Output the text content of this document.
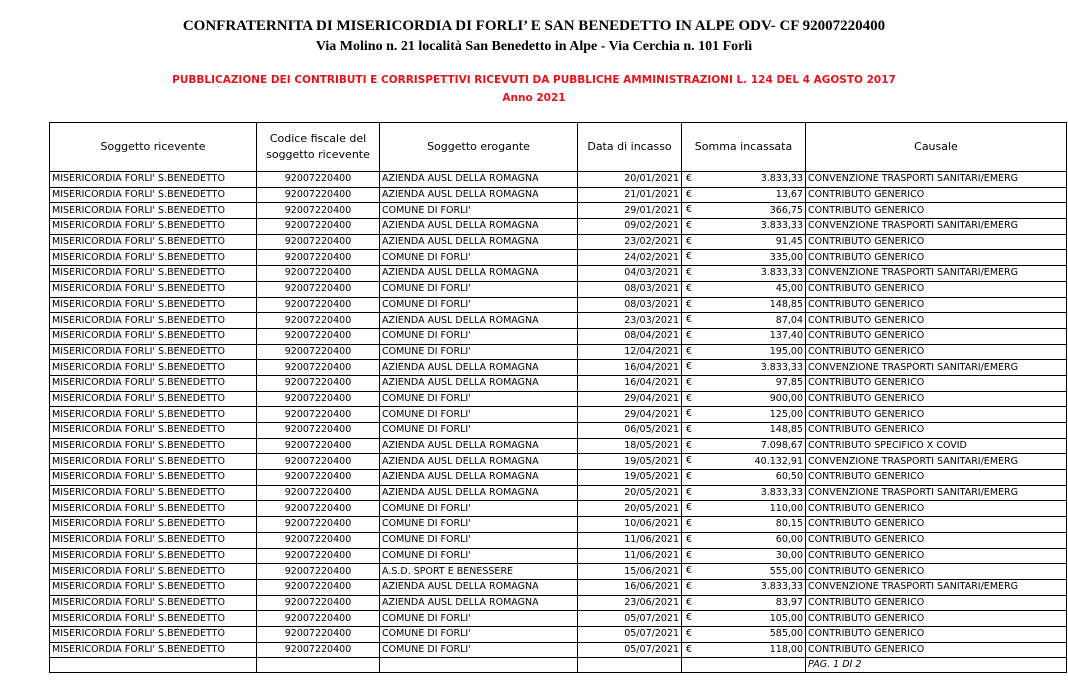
CONFRATERNITA DI MISERICORDIA DI FORLI’ E SAN BENEDETTO IN ALPE ODV- CF 92007220400
Via Molino n. 21 località San Benedetto in Alpe - Via Cerchia n. 101 Forlì
PUBBLICAZIONE DEI CONTRIBUTI E CORRISPETTIVI RICEVUTI DA PUBBLICHE AMMINISTRAZIONI L. 124 DEL 4 AGOSTO 2017
Anno 2021
Soggetto ricevente	Codice fiscale del soggetto ricevente	Soggetto erogante	Data di incasso	Somma incassata	Causale
MISERICORDIA FORLI' S.BENEDETTO	92007220400	AZIENDA AUSL DELLA ROMAGNA	20/01/2021	€ 3.833,33	CONVENZIONE TRASPORTI SANITARI/EMERG
MISERICORDIA FORLI' S.BENEDETTO	92007220400	AZIENDA AUSL DELLA ROMAGNA	21/01/2021	€ 13,67	CONTRIBUTO GENERICO
MISERICORDIA FORLI' S.BENEDETTO	92007220400	COMUNE DI FORLI'	29/01/2021	€ 366,75	CONTRIBUTO GENERICO
MISERICORDIA FORLI' S.BENEDETTO	92007220400	AZIENDA AUSL DELLA ROMAGNA	09/02/2021	€ 3.833,33	CONVENZIONE TRASPORTI SANITARI/EMERG
MISERICORDIA FORLI' S.BENEDETTO	92007220400	AZIENDA AUSL DELLA ROMAGNA	23/02/2021	€ 91,45	CONTRIBUTO GENERICO
MISERICORDIA FORLI' S.BENEDETTO	92007220400	COMUNE DI FORLI'	24/02/2021	€ 335,00	CONTRIBUTO GENERICO
MISERICORDIA FORLI' S.BENEDETTO	92007220400	AZIENDA AUSL DELLA ROMAGNA	04/03/2021	€ 3.833,33	CONVENZIONE TRASPORTI SANITARI/EMERG
MISERICORDIA FORLI' S.BENEDETTO	92007220400	COMUNE DI FORLI'	08/03/2021	€ 45,00	CONTRIBUTO GENERICO
MISERICORDIA FORLI' S.BENEDETTO	92007220400	COMUNE DI FORLI'	08/03/2021	€ 148,85	CONTRIBUTO GENERICO
MISERICORDIA FORLI' S.BENEDETTO	92007220400	AZIENDA AUSL DELLA ROMAGNA	23/03/2021	€ 87,04	CONTRIBUTO GENERICO
MISERICORDIA FORLI' S.BENEDETTO	92007220400	COMUNE DI FORLI'	08/04/2021	€ 137,40	CONTRIBUTO GENERICO
MISERICORDIA FORLI' S.BENEDETTO	92007220400	COMUNE DI FORLI'	12/04/2021	€ 195,00	CONTRIBUTO GENERICO
MISERICORDIA FORLI' S.BENEDETTO	92007220400	AZIENDA AUSL DELLA ROMAGNA	16/04/2021	€ 3.833,33	CONVENZIONE TRASPORTI SANITARI/EMERG
MISERICORDIA FORLI' S.BENEDETTO	92007220400	AZIENDA AUSL DELLA ROMAGNA	16/04/2021	€ 97,85	CONTRIBUTO GENERICO
MISERICORDIA FORLI' S.BENEDETTO	92007220400	COMUNE DI FORLI'	29/04/2021	€ 900,00	CONTRIBUTO GENERICO
MISERICORDIA FORLI' S.BENEDETTO	92007220400	COMUNE DI FORLI'	29/04/2021	€ 125,00	CONTRIBUTO GENERICO
MISERICORDIA FORLI' S.BENEDETTO	92007220400	COMUNE DI FORLI'	06/05/2021	€ 148,85	CONTRIBUTO GENERICO
MISERICORDIA FORLI' S.BENEDETTO	92007220400	AZIENDA AUSL DELLA ROMAGNA	18/05/2021	€ 7.098,67	CONTRIBUTO SPECIFICO X COVID
MISERICORDIA FORLI' S.BENEDETTO	92007220400	AZIENDA AUSL DELLA ROMAGNA	19/05/2021	€ 40.132,91	CONVENZIONE TRASPORTI SANITARI/EMERG
MISERICORDIA FORLI' S.BENEDETTO	92007220400	AZIENDA AUSL DELLA ROMAGNA	19/05/2021	€ 60,50	CONTRIBUTO GENERICO
MISERICORDIA FORLI' S.BENEDETTO	92007220400	AZIENDA AUSL DELLA ROMAGNA	20/05/2021	€ 3.833,33	CONVENZIONE TRASPORTI SANITARI/EMERG
MISERICORDIA FORLI' S.BENEDETTO	92007220400	COMUNE DI FORLI'	20/05/2021	€ 110,00	CONTRIBUTO GENERICO
MISERICORDIA FORLI' S.BENEDETTO	92007220400	COMUNE DI FORLI'	10/06/2021	€ 80,15	CONTRIBUTO GENERICO
MISERICORDIA FORLI' S.BENEDETTO	92007220400	COMUNE DI FORLI'	11/06/2021	€ 60,00	CONTRIBUTO GENERICO
MISERICORDIA FORLI' S.BENEDETTO	92007220400	COMUNE DI FORLI'	11/06/2021	€ 30,00	CONTRIBUTO GENERICO
MISERICORDIA FORLI' S.BENEDETTO	92007220400	A.S.D. SPORT E BENESSERE	15/06/2021	€ 555,00	CONTRIBUTO GENERICO
MISERICORDIA FORLI' S.BENEDETTO	92007220400	AZIENDA AUSL DELLA ROMAGNA	16/06/2021	€ 3.833,33	CONVENZIONE TRASPORTI SANITARI/EMERG
MISERICORDIA FORLI' S.BENEDETTO	92007220400	AZIENDA AUSL DELLA ROMAGNA	23/06/2021	€ 83,97	CONTRIBUTO GENERICO
MISERICORDIA FORLI' S.BENEDETTO	92007220400	COMUNE DI FORLI'	05/07/2021	€ 105,00	CONTRIBUTO GENERICO
MISERICORDIA FORLI' S.BENEDETTO	92007220400	COMUNE DI FORLI'	05/07/2021	€ 585,00	CONTRIBUTO GENERICO
MISERICORDIA FORLI' S.BENEDETTO	92007220400	COMUNE DI FORLI'	05/07/2021	€ 118,00	CONTRIBUTO GENERICO
					PAG. 1 DI 2
